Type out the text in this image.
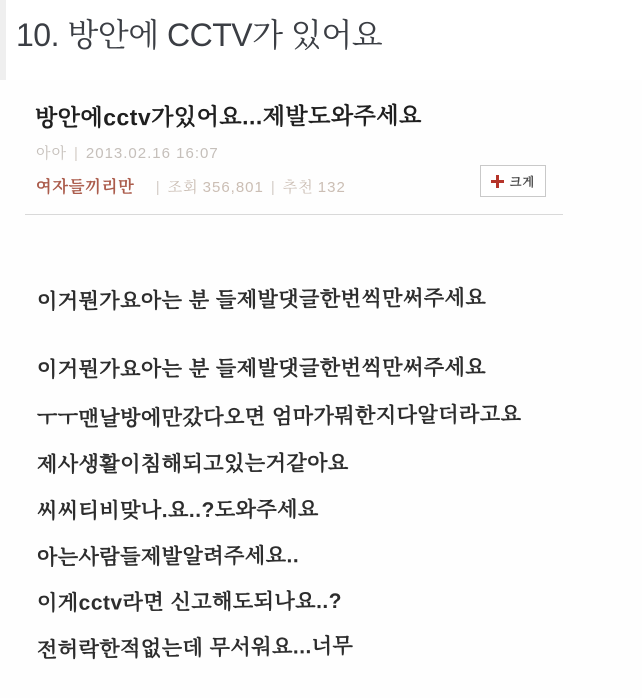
10. 방안에 CCTV가 있어요
방안에cctv가있어요...제발도와주세요
아아 | 2013.02.16 16:07
여자들끼리만 | 조회 356,801 | 추천 132	크게
이거뭔가요아는 분 들제발댓글한번씩만써주세요
이거뭔가요아는 분 들제발댓글한번씩만써주세요
ㅜㅜ맨날방에만갔다오면 엄마가뭐한지다알더라고요
제사생활이침해되고있는거같아요
씨씨티비맞나.요..?도와주세요
아는사람들제발알려주세요..
이게cctv라면 신고해도되나요..?
전허락한적없는데 무서워요...너무
